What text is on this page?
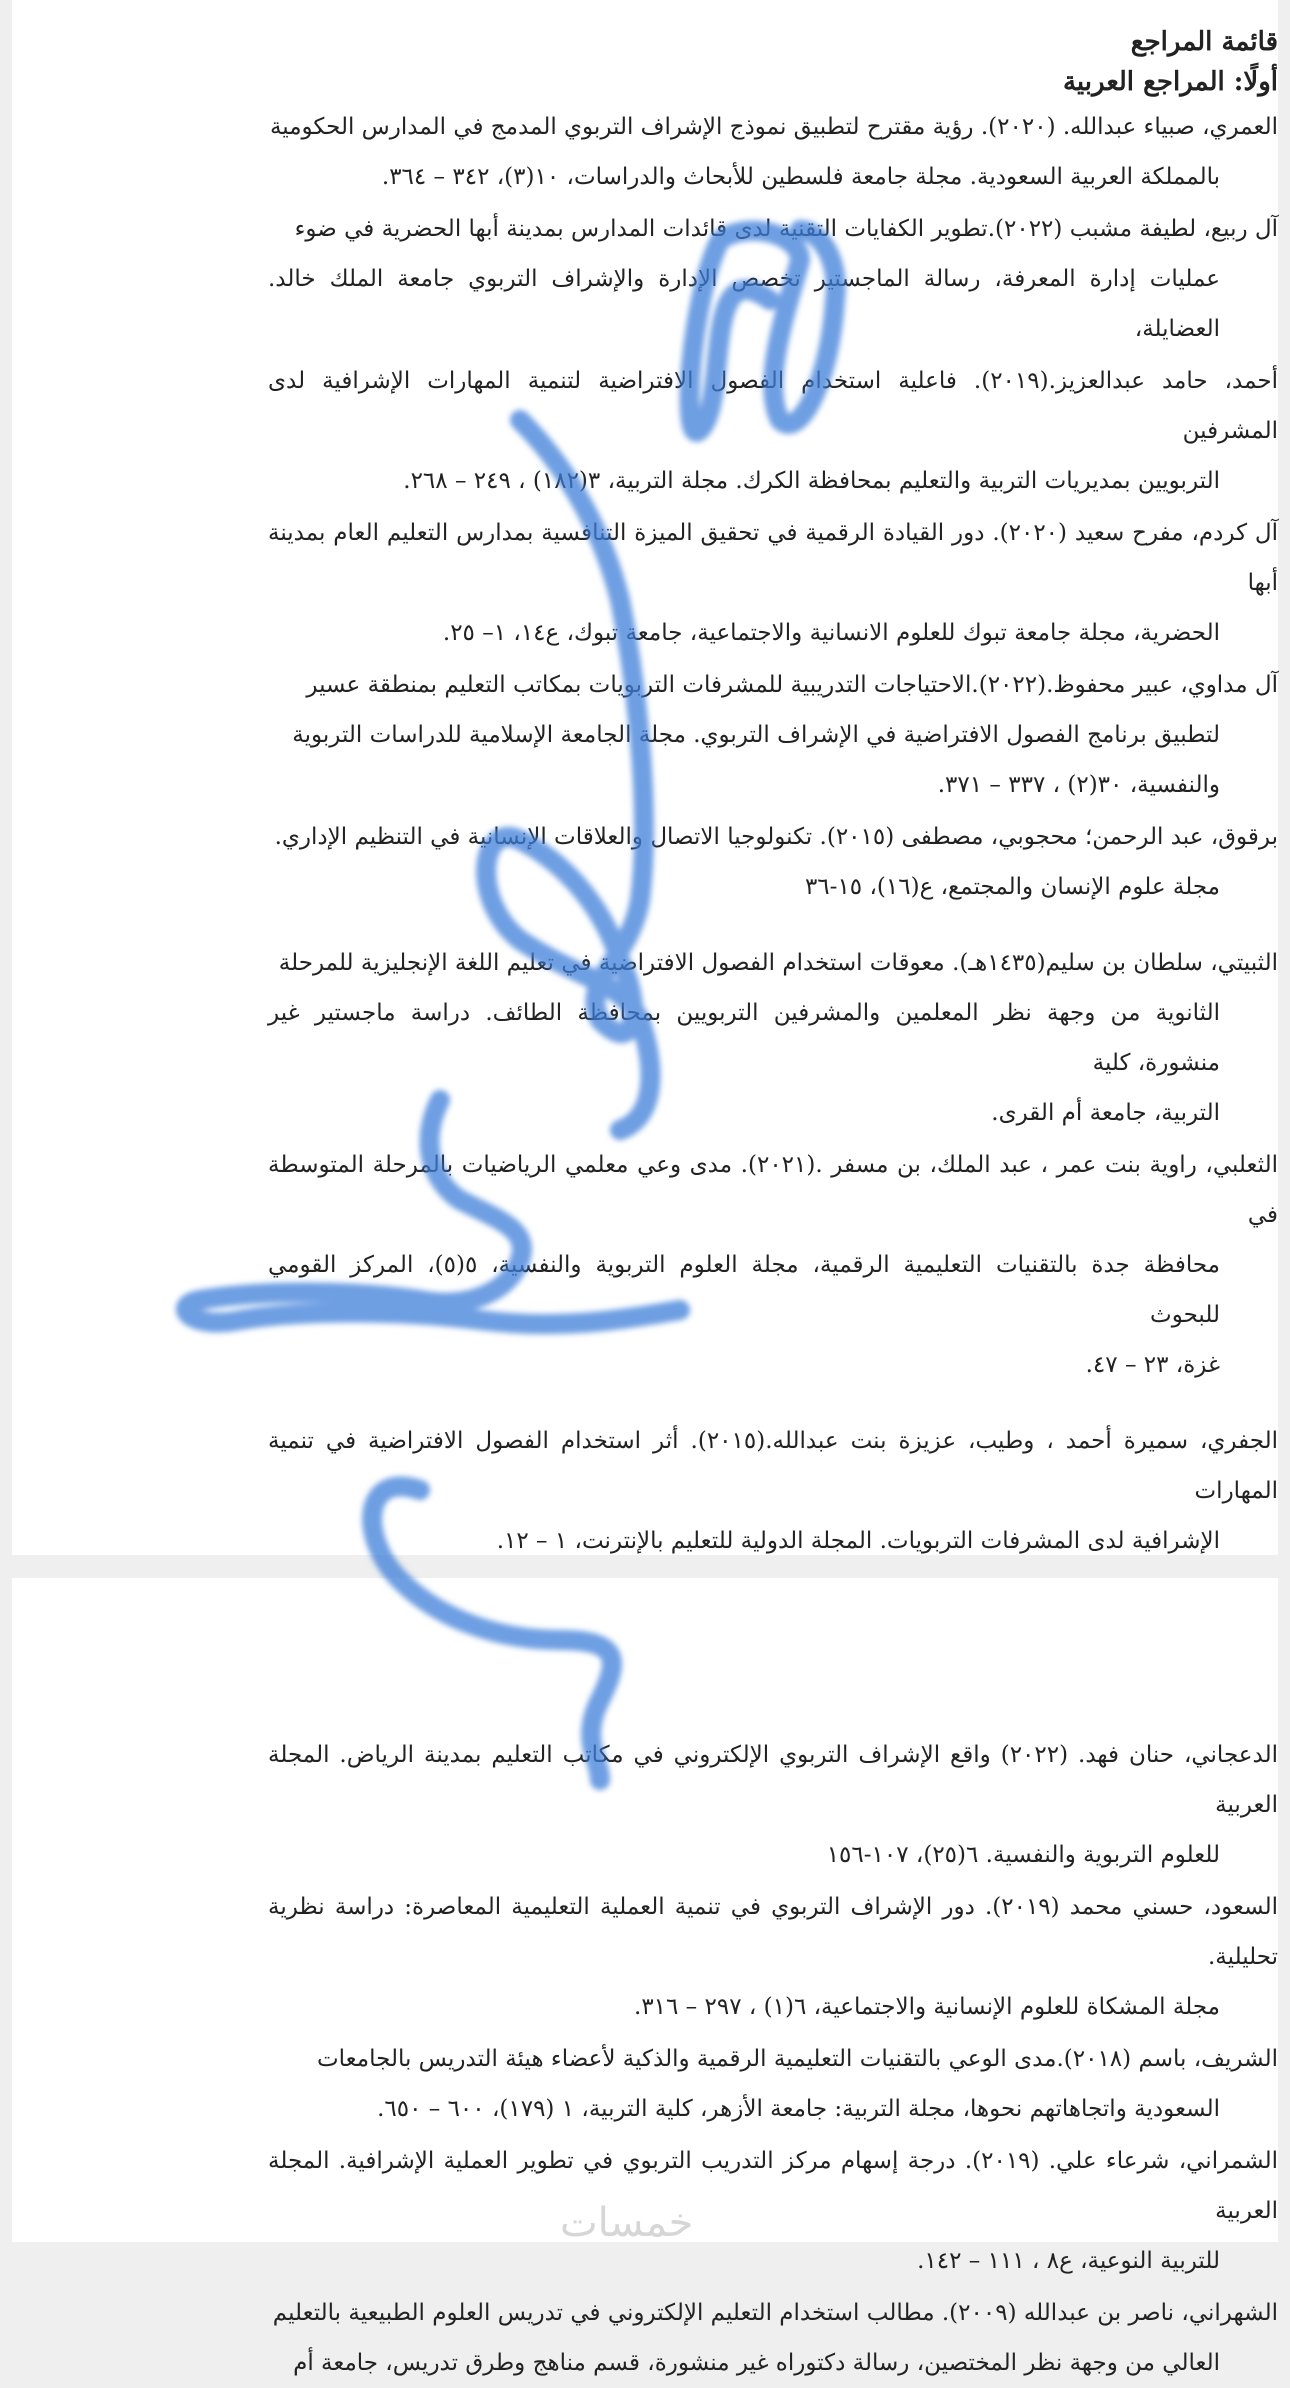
قائمة المراجع

أولًا: المراجع العربية

العمري، صبياء عبدالله. (٢٠٢٠). رؤية مقترح لتطبيق نموذج الإشراف التربوي المدمج في المدارس الحكومية
بالمملكة العربية السعودية. مجلة جامعة فلسطين للأبحاث والدراسات، ١٠(٣)، ٣٤٢ – ٣٦٤.
آل ربيع، لطيفة مشبب (٢٠٢٢).تطوير الكفايات التقنية لدى قائدات المدارس بمدينة أبها الحضرية في ضوء
عمليات إدارة المعرفة، رسالة الماجستير تخصص الإدارة والإشراف التربوي جامعة الملك خالد. العضايلة،
أحمد، حامد عبدالعزيز.(٢٠١٩). فاعلية استخدام الفصول الافتراضية لتنمية المهارات الإشرافية لدى المشرفين
التربويين بمديريات التربية والتعليم بمحافظة الكرك. مجلة التربية، ٣(١٨٢) ، ٢٤٩ – ٢٦٨.
آل كردم، مفرح سعيد (٢٠٢٠). دور القيادة الرقمية في تحقيق الميزة التنافسية بمدارس التعليم العام بمدينة أبها
الحضرية، مجلة جامعة تبوك للعلوم الانسانية والاجتماعية، جامعة تبوك، ع١٤، ١– ٢٥.
آل مداوي، عبير محفوظ.(٢٠٢٢).الاحتياجات التدريبية للمشرفات التربويات بمكاتب التعليم بمنطقة عسير
لتطبيق برنامج الفصول الافتراضية في الإشراف التربوي. مجلة الجامعة الإسلامية للدراسات التربوية
والنفسية، ٣٠(٢) ، ٣٣٧ – ٣٧١.
برقوق، عبد الرحمن؛ محجوبي، مصطفى (٢٠١٥). تكنولوجيا الاتصال والعلاقات الإنسانية في التنظيم الإداري.
مجلة علوم الإنسان والمجتمع، ع(١٦)، ١٥-٣٦
الثبيتي، سلطان بن سليم(١٤٣٥هـ). معوقات استخدام الفصول الافتراضية في تعليم اللغة الإنجليزية للمرحلة
الثانوية من وجهة نظر المعلمين والمشرفين التربويين بمحافظة الطائف. دراسة ماجستير غير منشورة، كلية
التربية، جامعة أم القرى.
الثعلبي، راوية بنت عمر ، عبد الملك، بن مسفر .(٢٠٢١). مدى وعي معلمي الرياضيات بالمرحلة المتوسطة في
محافظة جدة بالتقنيات التعليمية الرقمية، مجلة العلوم التربوية والنفسية، ٥(٥)، المركز القومي للبحوث
غزة، ٢٣ – ٤٧.
الجفري، سميرة أحمد ، وطيب، عزيزة بنت عبدالله.(٢٠١٥). أثر استخدام الفصول الافتراضية في تنمية المهارات
الإشرافية لدى المشرفات التربويات. المجلة الدولية للتعليم بالإنترنت، ١ – ١٢.
الدعجاني، حنان فهد. (٢٠٢٢) واقع الإشراف التربوي الإلكتروني في مكاتب التعليم بمدينة الرياض. المجلة العربية
للعلوم التربوية والنفسية. ٦(٢٥)، ١٠٧-١٥٦
السعود، حسني محمد (٢٠١٩). دور الإشراف التربوي في تنمية العملية التعليمية المعاصرة: دراسة نظرية تحليلية.
مجلة المشكاة للعلوم الإنسانية والاجتماعية، ٦(١) ، ٢٩٧ – ٣١٦.
الشريف، باسم (٢٠١٨).مدى الوعي بالتقنيات التعليمية الرقمية والذكية لأعضاء هيئة التدريس بالجامعات
السعودية واتجاهاتهم نحوها، مجلة التربية: جامعة الأزهر، كلية التربية، ١ (١٧٩)، ٦٠٠ – ٦٥٠.
الشمراني، شرعاء علي. (٢٠١٩). درجة إسهام مركز التدريب التربوي في تطوير العملية الإشرافية. المجلة العربية
للتربية النوعية، ع٨ ، ١١١ – ١٤٢.
الشهراني، ناصر بن عبدالله (٢٠٠٩). مطالب استخدام التعليم الإلكتروني في تدريس العلوم الطبيعية بالتعليم
العالي من وجهة نظر المختصين، رسالة دكتوراه غير منشورة، قسم مناهج وطرق تدريس، جامعة أم
خمسات
